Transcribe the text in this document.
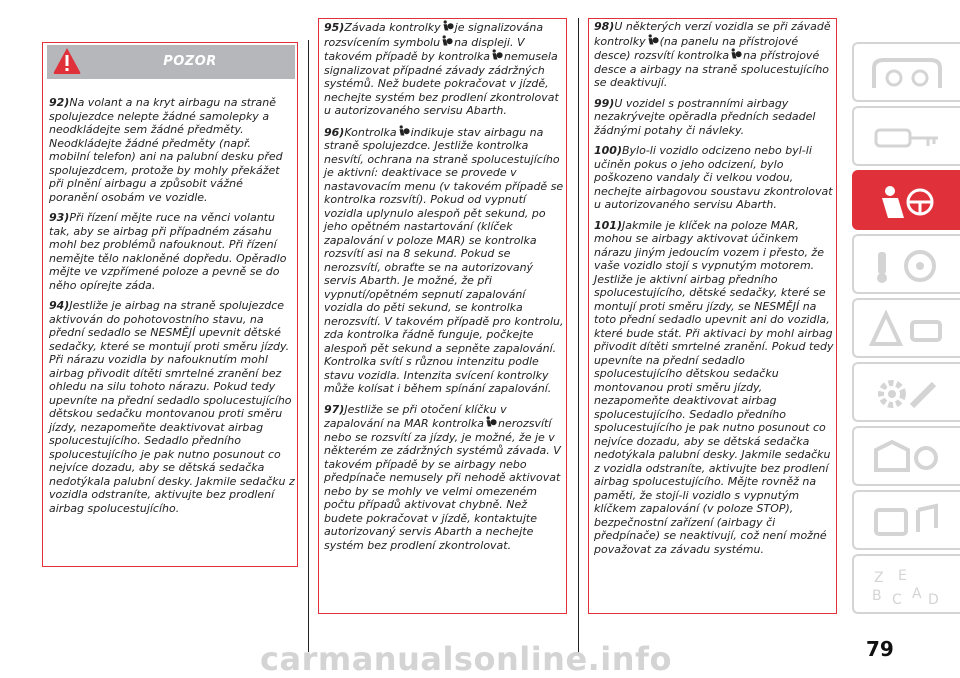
POZOR

92)Na volant a na kryt airbagu na straně spolujezdce nelepte žádné samolepky a neodkládejte sem žádné předměty. Neodkládejte žádné předměty (např. mobilní telefon) ani na palubní desku před spolujezdcem, protože by mohly překážet při plnění airbagu a způsobit vážné poranění osobám ve vozidle.

93)Při řízení mějte ruce na věnci volantu tak, aby se airbag při případném zásahu mohl bez problémů nafouknout. Při řízení nemějte tělo nakloněné dopředu. Opěradlo mějte ve vzpřímené poloze a pevně se do něho opírejte záda.

94)Jestliže je airbag na straně spolujezdce aktivován do pohotovostního stavu, na přední sedadlo se NESMĚJÍ upevnit dětské sedačky, které se montují proti směru jízdy. Při nárazu vozidla by nafouknutím mohl airbag přivodit dítěti smrtelné zranění bez ohledu na silu tohoto nárazu. Pokud tedy upevníte na přední sedadlo spolucestujícího dětskou sedačku montovanou proti směru jízdy, nezapomeňte deaktivovat airbag spolucestujícího. Sedadlo předního spolucestujícího je pak nutno posunout co nejvíce dozadu, aby se dětská sedačka nedotýkala palubní desky. Jakmile sedačku z vozidla odstraníte, aktivujte bez prodlení airbag spolucestujícího.

95)Závada kontrolky je signalizována rozsvícením symbolu na displeji. V takovém případě by kontrolka nemusela signalizovat případné závady zádržných systémů. Než budete pokračovat v jízdě, nechejte systém bez prodlení zkontrolovat u autorizovaného servisu Abarth.

96)Kontrolka indikuje stav airbagu na straně spolujezdce. Jestliže kontrolka nesvítí, ochrana na straně spolucestujícího je aktivní: deaktivace se provede v nastavovacím menu (v takovém případě se kontrolka rozsvítí). Pokud od vypnutí vozidla uplynulo alespoň pět sekund, po jeho opětném nastartování (klíček zapalování v poloze MAR) se kontrolka rozsvítí asi na 8 sekund. Pokud se nerozsvítí, obraťte se na autorizovaný servis Abarth. Je možné, že při vypnutí/opětném sepnutí zapalování vozidla do pěti sekund, se kontrolka nerozsvítí. V takovém případě pro kontrolu, zda kontrolka řádně funguje, počkejte alespoň pět sekund a sepněte zapalování. Kontrolka svítí s různou intenzitu podle stavu vozidla. Intenzita svícení kontrolky může kolísat i během spínání zapalování.

97)Jestliže se při otočení klíčku v zapalování na MAR kontrolka nerozsvítí nebo se rozsvítí za jízdy, je možné, že je v některém ze zádržných systémů závada. V takovém případě by se airbagy nebo předpínače nemusely při nehodě aktivovat nebo by se mohly ve velmi omezeném počtu případů aktivovat chybně. Než budete pokračovat v jízdě, kontaktujte autorizovaný servis Abarth a nechejte systém bez prodlení zkontrolovat.

98)U některých verzí vozidla se při závadě kontrolky (na panelu na přístrojové desce) rozsvítí kontrolka na přístrojové desce a airbagy na straně spolucestujícího se deaktivují.

99)U vozidel s postranními airbagy nezakrývejte opěradla předních sedadel žádnými potahy či návleky.

100)Bylo-li vozidlo odcizeno nebo byl-li učiněn pokus o jeho odcizení, bylo poškozeno vandaly či velkou vodou, nechejte airbagovou soustavu zkontrolovat u autorizovaného servisu Abarth.

101)Jakmile je klíček na poloze MAR, mohou se airbagy aktivovat účinkem nárazu jiným jedoucím vozem i přesto, že vaše vozidlo stojí s vypnutým motorem. Jestliže je aktivní airbag předního spolucestujícího, dětské sedačky, které se montují proti směru jízdy, se NESMĚJÍ na toto přední sedadlo upevnit ani do vozidla, které bude stát. Při aktivaci by mohl airbag přivodit dítěti smrtelné zranění. Pokud tedy upevníte na přední sedadlo spolucestujícího dětskou sedačku montovanou proti směru jízdy, nezapomeňte deaktivovat airbag spolucestujícího. Sedadlo předního spolucestujícího je pak nutno posunout co nejvíce dozadu, aby se dětská sedačka nedotýkala palubní desky. Jakmile sedačku z vozidla odstraníte, aktivujte bez prodlení airbag spolucestujícího. Mějte rovněž na paměti, že stojí-li vozidlo s vypnutým klíčkem zapalování (v poloze STOP), bezpečnostní zařízení (airbagy či předpínače) se neaktivují, což není možné považovat za závadu systému.

Z E
B C A D
carmanualsonline.info	79
